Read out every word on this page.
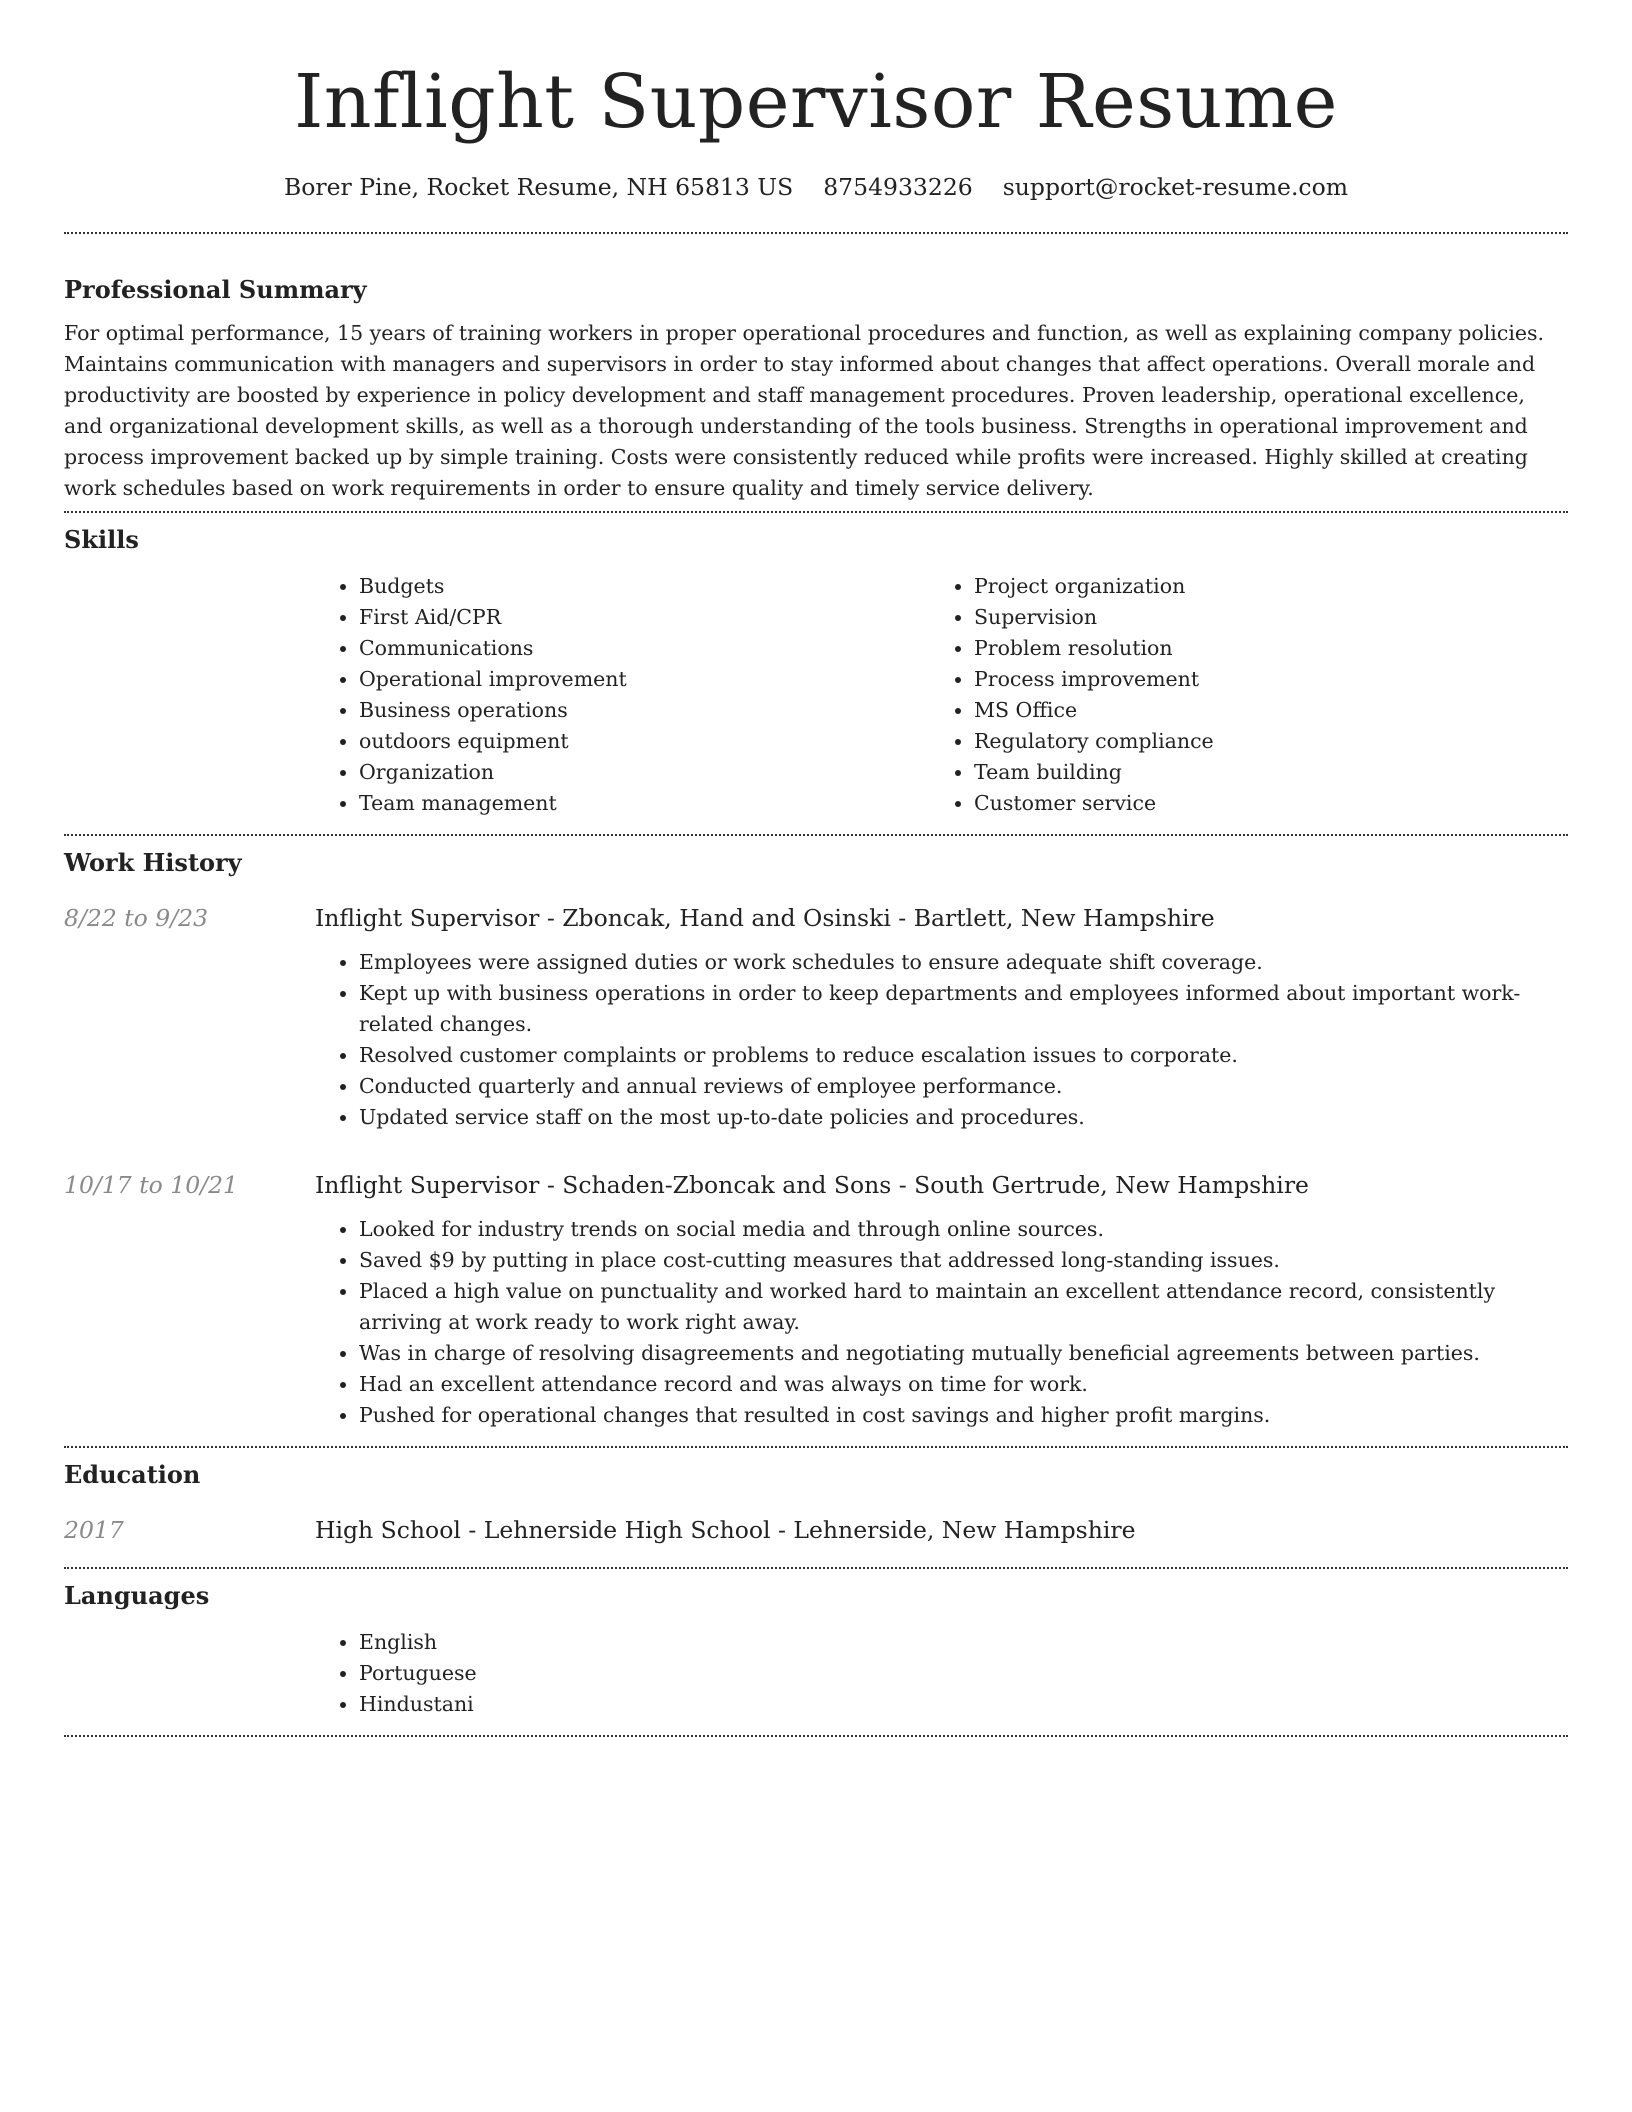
Inflight Supervisor Resume
Borer Pine, Rocket Resume, NH 65813 US 8754933226 support@rocket-resume.com
Professional Summary

For optimal performance, 15 years of training workers in proper operational procedures and function, as well as explaining company policies. Maintains communication with managers and supervisors in order to stay informed about changes that affect operations. Overall morale and productivity are boosted by experience in policy development and staff management procedures. Proven leadership, operational excellence, and organizational development skills, as well as a thorough understanding of the tools business. Strengths in operational improvement and process improvement backed up by simple training. Costs were consistently reduced while profits were increased. Highly skilled at creating work schedules based on work requirements in order to ensure quality and timely service delivery.

Skills
• Budgets
• First Aid/CPR
• Communications
• Operational improvement
• Business operations
• outdoors equipment
• Organization
• Team management
• Project organization
• Supervision
• Problem resolution
• Process improvement
• MS Office
• Regulatory compliance
• Team building
• Customer service
Work History
8/22 to 9/23	Inflight Supervisor - Zboncak, Hand and Osinski - Bartlett, New Hampshire
• Employees were assigned duties or work schedules to ensure adequate shift coverage.
• Kept up with business operations in order to keep departments and employees informed about important work-related changes.
• Resolved customer complaints or problems to reduce escalation issues to corporate.
• Conducted quarterly and annual reviews of employee performance.
• Updated service staff on the most up-to-date policies and procedures.
10/17 to 10/21	Inflight Supervisor - Schaden-Zboncak and Sons - South Gertrude, New Hampshire
• Looked for industry trends on social media and through online sources.
• Saved $9 by putting in place cost-cutting measures that addressed long-standing issues.
• Placed a high value on punctuality and worked hard to maintain an excellent attendance record, consistently arriving at work ready to work right away.
• Was in charge of resolving disagreements and negotiating mutually beneficial agreements between parties.
• Had an excellent attendance record and was always on time for work.
• Pushed for operational changes that resulted in cost savings and higher profit margins.
Education
2017	High School - Lehnerside High School - Lehnerside, New Hampshire
Languages
• English
• Portuguese
• Hindustani
